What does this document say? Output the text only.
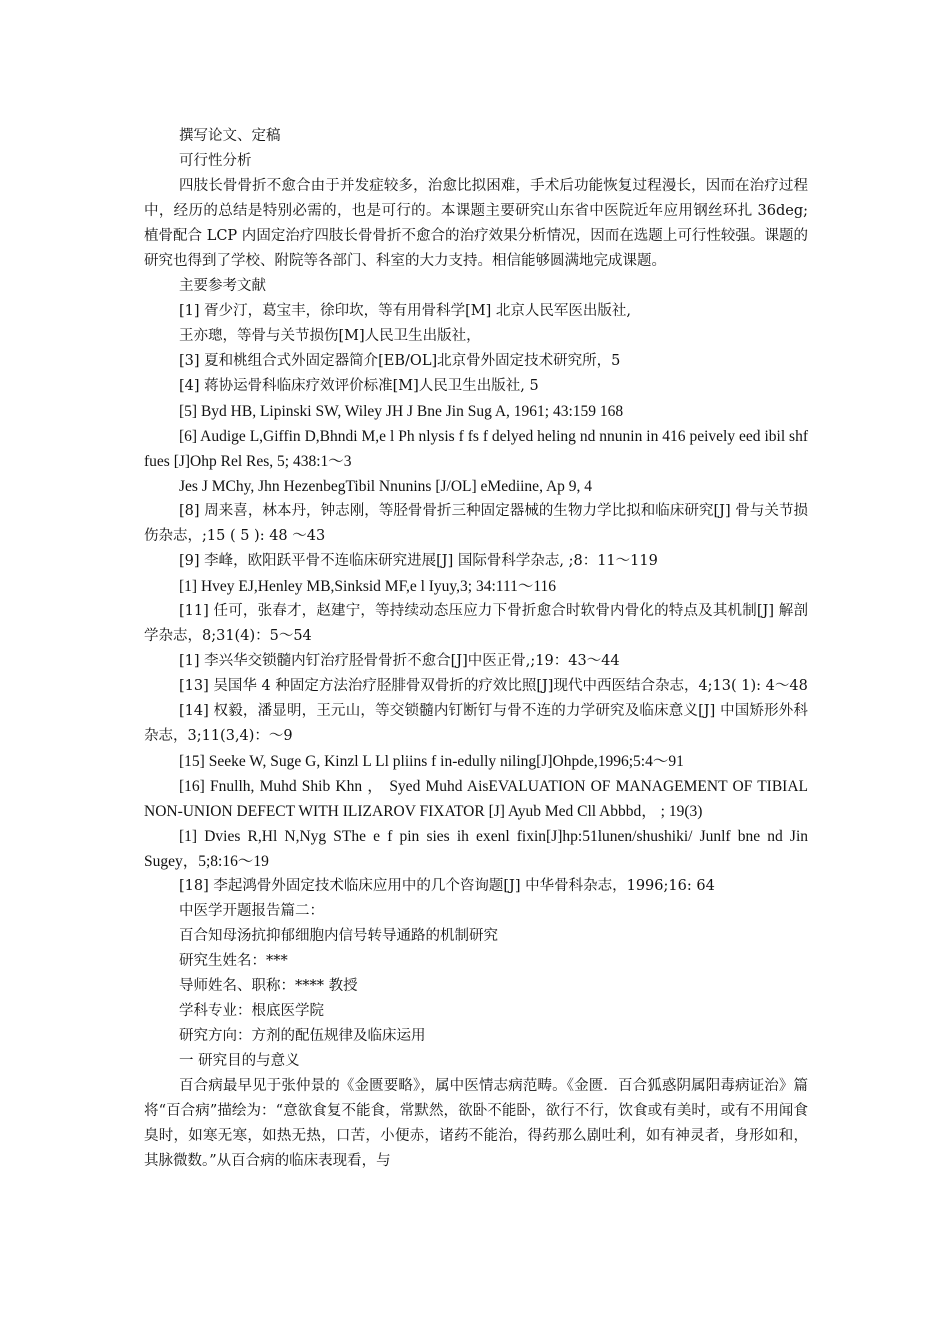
撰写论文、定稿

可行性分析

四肢长骨骨折不愈合由于并发症较多，治愈比拟困难，手术后功能恢复过程漫长，因而在治疗过程中，经历的总结是特别必需的，也是可行的。本课题主要研究山东省中医院近年应用钢丝环扎 36deg;植骨配合 LCP 内固定治疗四肢长骨骨折不愈合的治疗效果分析情况，因而在选题上可行性较强。课题的研究也得到了学校、附院等各部门、科室的大力支持。相信能够圆满地完成课题。

主要参考文献

[1] 胥少汀，葛宝丰，徐印坎，等有用骨科学[M] 北京人民军医出版社,

王亦璁，等骨与关节损伤[M]人民卫生出版社，

[3] 夏和桃组合式外固定器简介[EB/OL]北京骨外固定技术研究所，5

[4] 蒋协运骨科临床疗效评价标准[M]人民卫生出版社, 5

[5] Byd HB, Lipinski SW, Wiley JH J Bne Jin Sug A, 1961; 43:159 168

[6] Audige L,Giffin D,Bhndi M,e l Ph nlysis f fs f delyed heling nd nnunin in 416 peively eed ibil shf fues [J]Ohp Rel Res, 5; 438:1～3

Jes J MChy, Jhn HezenbegTibil Nnunins [J/OL] eMediine, Ap 9, 4

[8] 周来喜，林本丹，钟志刚，等胫骨骨折三种固定器械的生物力学比拟和临床研究[J] 骨与关节损伤杂志，;15 ( 5 ): 48 ～43

[9] 李峰，欧阳跃平骨不连临床研究进展[J] 国际骨科学杂志, ;8：11～119

[1] Hvey EJ,Henley MB,Sinksid MF,e l Iyuy,3; 34:111～116

[11] 任可，张春才，赵建宁，等持续动态压应力下骨折愈合时软骨内骨化的特点及其机制[J] 解剖学杂志，8;31(4)：5～54

[1] 李兴华交锁髓内钉治疗胫骨骨折不愈合[J]中医正骨,;19：43～44

[13] 吴国华 4 种固定方法治疗胫腓骨双骨折的疗效比照[J]现代中西医结合杂志，4;13( 1): 4～48

[14] 权毅，潘显明，王元山，等交锁髓内钉断钉与骨不连的力学研究及临床意义[J] 中国矫形外科杂志，3;11(3,4)：～9

[15] Seeke W, Suge G, Kinzl L Ll pliins f in-edully niling[J]Ohpde,1996;5:4～91

[16] Fnullh, Muhd Shib Khn ， Syed Muhd AisEVALUATION OF MANAGEMENT OF TIBIAL NON-UNION DEFECT WITH ILIZAROV FIXATOR [J] Ayub Med Cll Abbbd， ; 19(3)

[1] Dvies R,Hl N,Nyg SThe e f pin sies ih exenl fixin[J]hp:51lunen/shushiki/ Junlf bne nd Jin Sugey，5;8:16～19

[18] 李起鸿骨外固定技术临床应用中的几个咨询题[J] 中华骨科杂志，1996;16: 64

中医学开题报告篇二：

百合知母汤抗抑郁细胞内信号转导通路的机制研究

研究生姓名：***

导师姓名、职称：**** 教授

学科专业：根底医学院

研究方向：方剂的配伍规律及临床运用

一 研究目的与意义

百合病最早见于张仲景的《金匮要略》，属中医情志病范畴。《金匮．百合狐惑阴属阳毒病证治》篇将“百合病”描绘为：“意欲食复不能食，常默然，欲卧不能卧，欲行不行，饮食或有美时，或有不用闻食臭时，如寒无寒，如热无热，口苦，小便赤，诸药不能治，得药那么剧吐利，如有神灵者，身形如和，其脉微数。”从百合病的临床表现看，与
